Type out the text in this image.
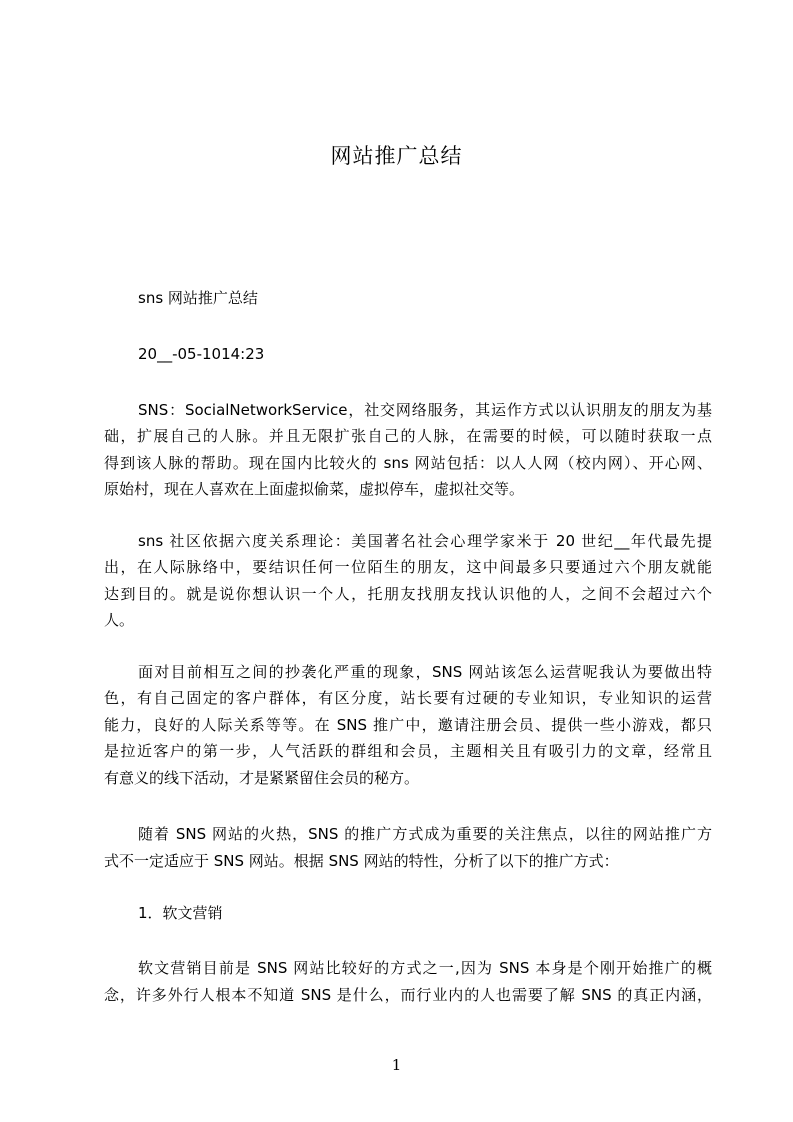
网站推广总结
sns 网站推广总结
20__-05-1014:23
SNS：SocialNetworkService，社交网络服务，其运作方式以认识朋友的朋友为基
础，扩展自己的人脉。并且无限扩张自己的人脉，在需要的时候，可以随时获取一点
得到该人脉的帮助。现在国内比较火的 sns 网站包括：以人人网（校内网）、开心网、
原始村，现在人喜欢在上面虚拟偷菜，虚拟停车，虚拟社交等。
sns 社区依据六度关系理论：美国著名社会心理学家米于 20 世纪__年代最先提
出，在人际脉络中，要结识任何一位陌生的朋友，这中间最多只要通过六个朋友就能
达到目的。就是说你想认识一个人，托朋友找朋友找认识他的人，之间不会超过六个
人。
面对目前相互之间的抄袭化严重的现象，SNS 网站该怎么运营呢我认为要做出特
色，有自己固定的客户群体，有区分度，站长要有过硬的专业知识，专业知识的运营
能力，良好的人际关系等等。在 SNS 推广中，邀请注册会员、提供一些小游戏，都只
是拉近客户的第一步，人气活跃的群组和会员，主题相关且有吸引力的文章，经常且
有意义的线下活动，才是紧紧留住会员的秘方。
随着 SNS 网站的火热，SNS 的推广方式成为重要的关注焦点，以往的网站推广方
式不一定适应于 SNS 网站。根据 SNS 网站的特性，分析了以下的推广方式：
1．软文营销
软文营销目前是 SNS 网站比较好的方式之一,因为 SNS 本身是个刚开始推广的概
念，许多外行人根本不知道 SNS 是什么，而行业内的人也需要了解 SNS 的真正内涵，
1
